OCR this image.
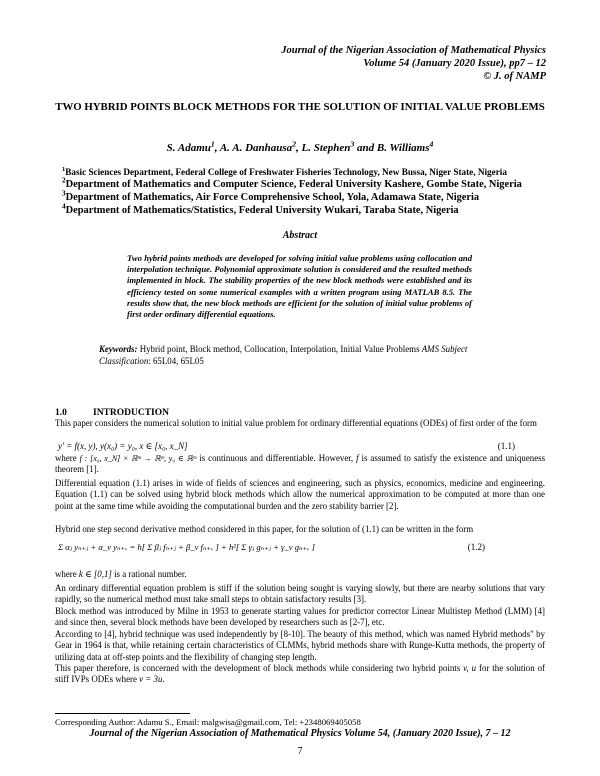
Journal of the Nigerian Association of Mathematical Physics
Volume 54 (January 2020 Issue), pp7 – 12
© J. of NAMP
TWO HYBRID POINTS BLOCK METHODS FOR THE SOLUTION OF INITIAL VALUE PROBLEMS
S. Adamu$^1$, A. A. Danhausa$^2$, L. Stephen$^3$ and B. Williams$^4$
$^1$Basic Sciences Department, Federal College of Freshwater Fisheries Technology, New Bussa, Niger State, Nigeria
$^2$Department of Mathematics and Computer Science, Federal University Kashere, Gombe State, Nigeria
$^3$Department of Mathematics, Air Force Comprehensive School, Yola, Adamawa State, Nigeria
$^4$Department of Mathematics/Statistics, Federal University Wukari, Taraba State, Nigeria
Abstract
Two hybrid points methods are developed for solving initial value problems using collocation and interpolation technique. Polynomial approximate solution is considered and the resulted methods implemented in block. The stability properties of the new block methods were established and its efficiency tested on some numerical examples with a written program using MATLAB 8.5. The results show that, the new block methods are efficient for the solution of initial value problems of first order ordinary differential equations.
Keywords: Hybrid point, Block method, Collocation, Interpolation, Initial Value Problems AMS Subject Classification: 65L04, 65L05
1.0	INTRODUCTION
This paper considers the numerical solution to initial value problem for ordinary differential equations (ODEs) of first order of the form
y′ = f(x, y), y(x₀) = y₀, x ∈ [x₀, x_N]	(1.1)
where f : [x₀, x_N] × ℝᵐ → ℝᵐ, y₀ ∈ ℝᵐ is continuous and differentiable. However, f is assumed to satisfy the existence and uniqueness theorem [1].
Differential equation (1.1) arises in wide of fields of sciences and engineering, such as physics, economics, medicine and engineering. Equation (1.1) can be solved using hybrid block methods which allow the numerical approximation to be computed at more than one point at the same time while avoiding the computational burden and the zero stability barrier [2].
Hybrid one step second derivative method considered in this paper, for the solution of (1.1) can be written in the form
Σ αⱼ yₙ₊ⱼ + α_v yₙ₊ᵥ = h[ Σ βⱼ fₙ₊ⱼ + β_v fₙ₊ᵥ ] + h²[ Σ γⱼ gₙ₊ⱼ + γ_v gₙ₊ᵥ ]	(1.2)
where k ∈ [0,1] is a rational number.
An ordinary differential equation problem is stiff if the solution being sought is varying slowly, but there are nearby solutions that vary rapidly, so the numerical method must take small steps to obtain satisfactory results [3].
Block method was introduced by Milne in 1953 to generate starting values for predictor corrector Linear Multistep Method (LMM) [4] and since then, several block methods have been developed by researchers such as [2-7], etc.
According to [4], hybrid technique was used independently by [8-10]. The beauty of this method, which was named Hybrid methods" by Gear in 1964 is that, while retaining certain characteristics of CLMMs, hybrid methods share with Runge-Kutta methods, the property of utilizing data at off-step points and the flexibility of changing step length.
This paper therefore, is concerned with the development of block methods while considering two hybrid points v, u for the solution of stiff IVPs ODEs where v = 3u.
Corresponding Author: Adamu S., Email: malgwisa@gmail.com, Tel: +2348069405058
Journal of the Nigerian Association of Mathematical Physics Volume 54, (January 2020 Issue), 7 – 12
7
